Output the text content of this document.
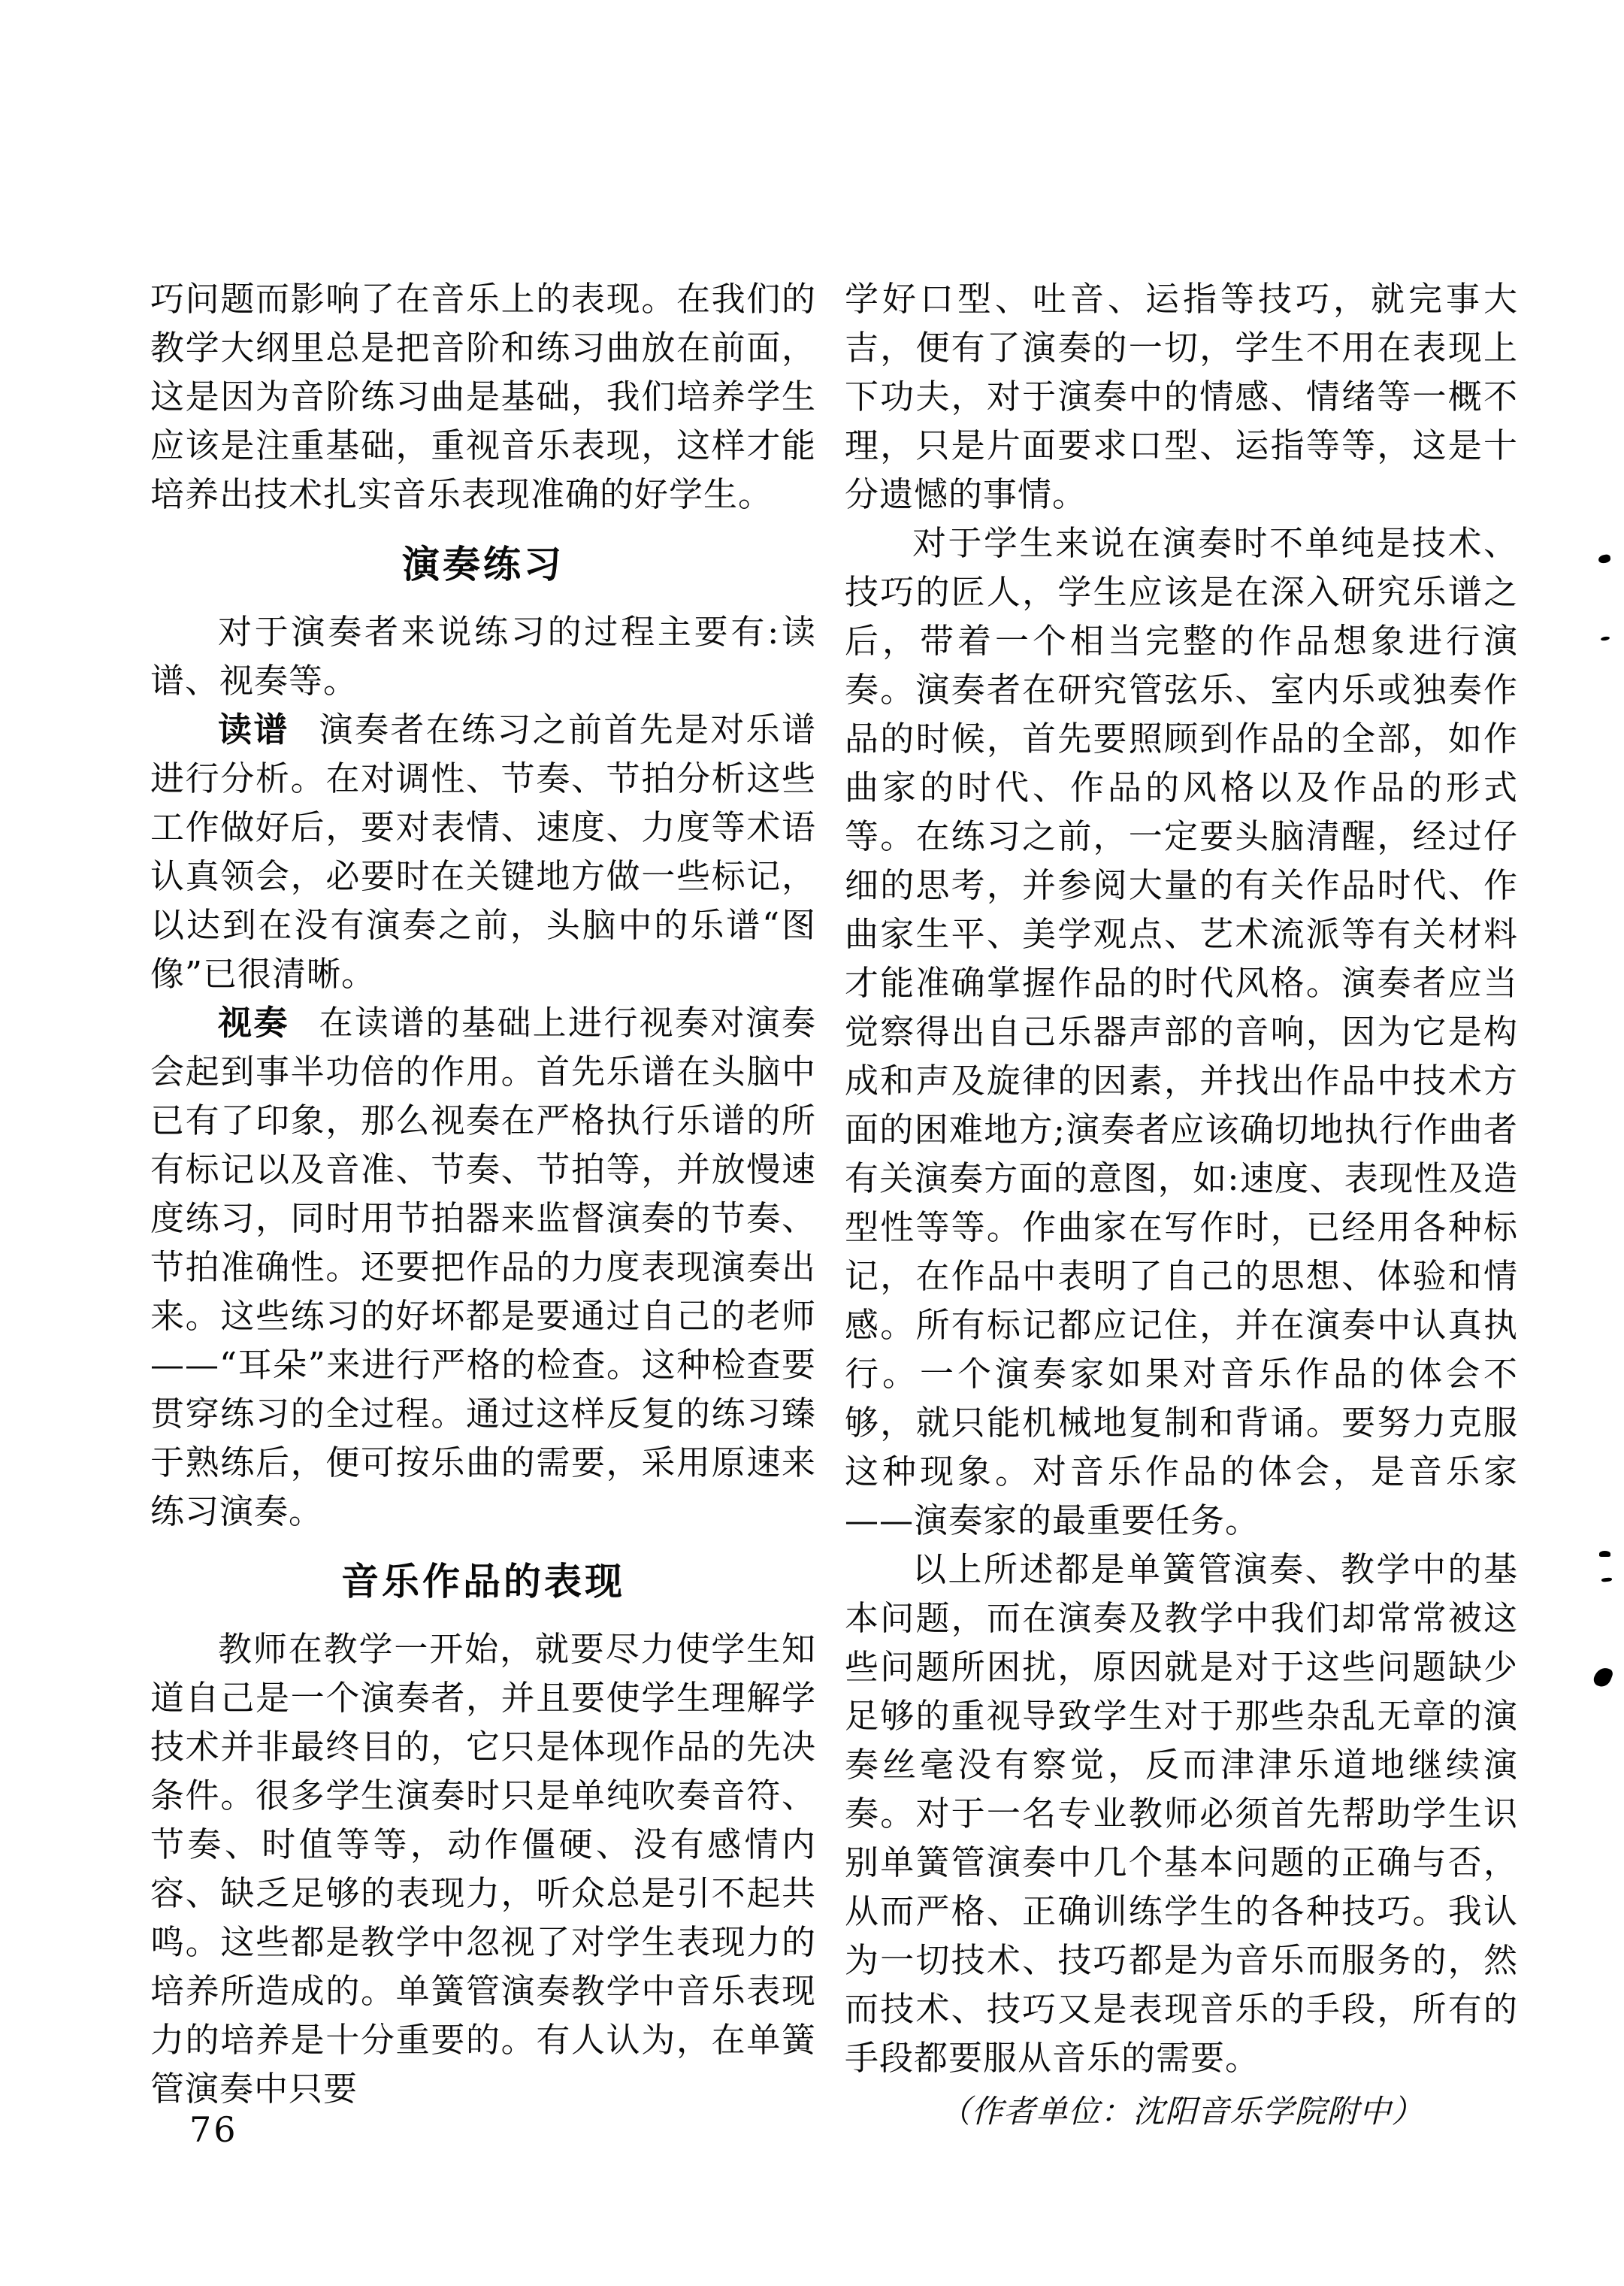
巧问题而影响了在音乐上的表现。在我们的教学大纲里总是把音阶和练习曲放在前面，这是因为音阶练习曲是基础，我们培养学生应该是注重基础，重视音乐表现，这样才能培养出技术扎实音乐表现准确的好学生。

演奏练习

对于演奏者来说练习的过程主要有:读谱、视奏等。

读谱 演奏者在练习之前首先是对乐谱进行分析。在对调性、节奏、节拍分析这些工作做好后，要对表情、速度、力度等术语认真领会，必要时在关键地方做一些标记，以达到在没有演奏之前，头脑中的乐谱“图像”已很清晰。

视奏 在读谱的基础上进行视奏对演奏会起到事半功倍的作用。首先乐谱在头脑中已有了印象，那么视奏在严格执行乐谱的所有标记以及音准、节奏、节拍等，并放慢速度练习，同时用节拍器来监督演奏的节奏、节拍准确性。还要把作品的力度表现演奏出来。这些练习的好坏都是要通过自己的老师——“耳朵”来进行严格的检查。这种检查要贯穿练习的全过程。通过这样反复的练习臻于熟练后，便可按乐曲的需要，采用原速来练习演奏。

音乐作品的表现

教师在教学一开始，就要尽力使学生知道自己是一个演奏者，并且要使学生理解学技术并非最终目的，它只是体现作品的先决条件。很多学生演奏时只是单纯吹奏音符、节奏、时值等等，动作僵硬、没有感情内容、缺乏足够的表现力，听众总是引不起共鸣。这些都是教学中忽视了对学生表现力的培养所造成的。单簧管演奏教学中音乐表现力的培养是十分重要的。有人认为，在单簧管演奏中只要

学好口型、吐音、运指等技巧，就完事大吉，便有了演奏的一切，学生不用在表现上下功夫，对于演奏中的情感、情绪等一概不理，只是片面要求口型、运指等等，这是十分遗憾的事情。

对于学生来说在演奏时不单纯是技术、技巧的匠人，学生应该是在深入研究乐谱之后，带着一个相当完整的作品想象进行演奏。演奏者在研究管弦乐、室内乐或独奏作品的时候，首先要照顾到作品的全部，如作曲家的时代、作品的风格以及作品的形式等。在练习之前，一定要头脑清醒，经过仔细的思考，并参阅大量的有关作品时代、作曲家生平、美学观点、艺术流派等有关材料才能准确掌握作品的时代风格。演奏者应当觉察得出自己乐器声部的音响，因为它是构成和声及旋律的因素，并找出作品中技术方面的困难地方;演奏者应该确切地执行作曲者有关演奏方面的意图，如:速度、表现性及造型性等等。作曲家在写作时，已经用各种标记，在作品中表明了自己的思想、体验和情感。所有标记都应记住，并在演奏中认真执行。一个演奏家如果对音乐作品的体会不够，就只能机械地复制和背诵。要努力克服这种现象。对音乐作品的体会，是音乐家——演奏家的最重要任务。

以上所述都是单簧管演奏、教学中的基本问题，而在演奏及教学中我们却常常被这些问题所困扰，原因就是对于这些问题缺少足够的重视导致学生对于那些杂乱无章的演奏丝毫没有察觉，反而津津乐道地继续演奏。对于一名专业教师必须首先帮助学生识别单簧管演奏中几个基本问题的正确与否，从而严格、正确训练学生的各种技巧。我认为一切技术、技巧都是为音乐而服务的，然而技术、技巧又是表现音乐的手段，所有的手段都要服从音乐的需要。

（作者单位：沈阳音乐学院附中）

76
